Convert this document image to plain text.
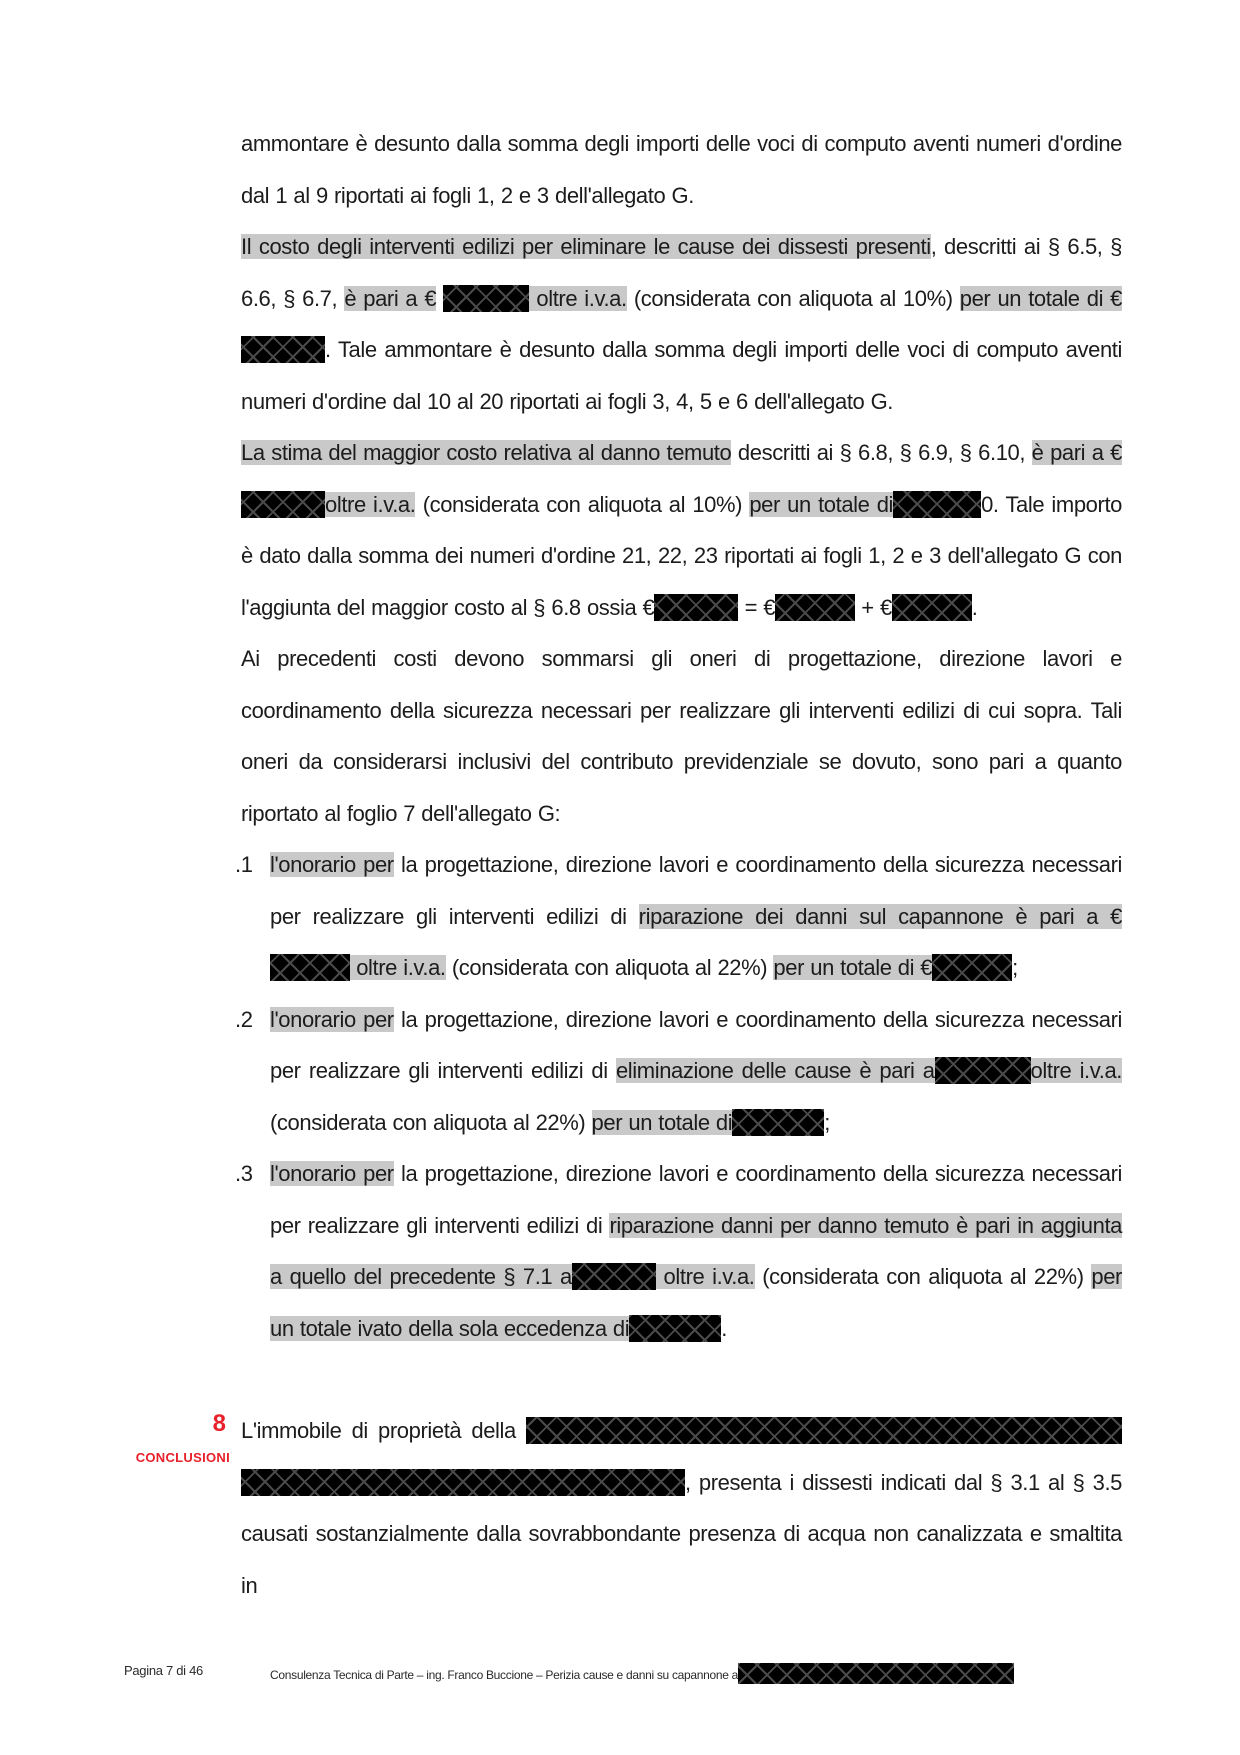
ammontare è desunto dalla somma degli importi delle voci di computo aventi numeri d'ordine dal 1 al 9 riportati ai fogli 1, 2 e 3 dell'allegato G.

Il costo degli interventi edilizi per eliminare le cause dei dissesti presenti, descritti ai § 6.5, § 6.6, § 6.7, è pari a €	oltre i.v.a. (considerata con aliquota al 10%) per un totale di € . Tale ammontare è desunto dalla somma degli importi delle voci di computo aventi numeri d'ordine dal 10 al 20 riportati ai fogli 3, 4, 5 e 6 dell'allegato G.

La stima del maggior costo relativa al danno temuto descritti ai § 6.8, § 6.9, § 6.10, è pari a € oltre i.v.a. (considerata con aliquota al 10%) per un totale di	0. Tale importo è dato dalla somma dei numeri d'ordine 21, 22, 23 riportati ai fogli 1, 2 e 3 dell'allegato G con l'aggiunta del maggior costo al § 6.8 ossia €	= €	+ €	.

Ai precedenti costi devono sommarsi gli oneri di progettazione, direzione lavori e coordinamento della sicurezza necessari per realizzare gli interventi edilizi di cui sopra. Tali oneri da considerarsi inclusivi del contributo previdenziale se dovuto, sono pari a quanto riportato al foglio 7 dell'allegato G:

.1 l'onorario per la progettazione, direzione lavori e coordinamento della sicurezza necessari per realizzare gli interventi edilizi di riparazione dei danni sul capannone è pari a €  oltre i.v.a. (considerata con aliquota al 22%) per un totale di €	;
.2 l'onorario per la progettazione, direzione lavori e coordinamento della sicurezza necessari per realizzare gli interventi edilizi di eliminazione delle cause è pari a	oltre i.v.a. (considerata con aliquota al 22%) per un totale di	;
.3 l'onorario per la progettazione, direzione lavori e coordinamento della sicurezza necessari per realizzare gli interventi edilizi di riparazione danni per danno temuto è pari in aggiunta a quello del precedente § 7.1 a	oltre i.v.a. (considerata con aliquota al 22%) per un totale ivato della sola eccedenza di	.

L'immobile di proprietà della  , presenta i dissesti indicati dal § 3.1 al § 3.5 causati sostanzialmente dalla sovrabbondante presenza di acqua non canalizzata e smaltita in

8
CONCLUSIONI
Pagina 7 di 46	Consulenza Tecnica di Parte – ing. Franco Buccione – Perizia cause e danni su capannone a
